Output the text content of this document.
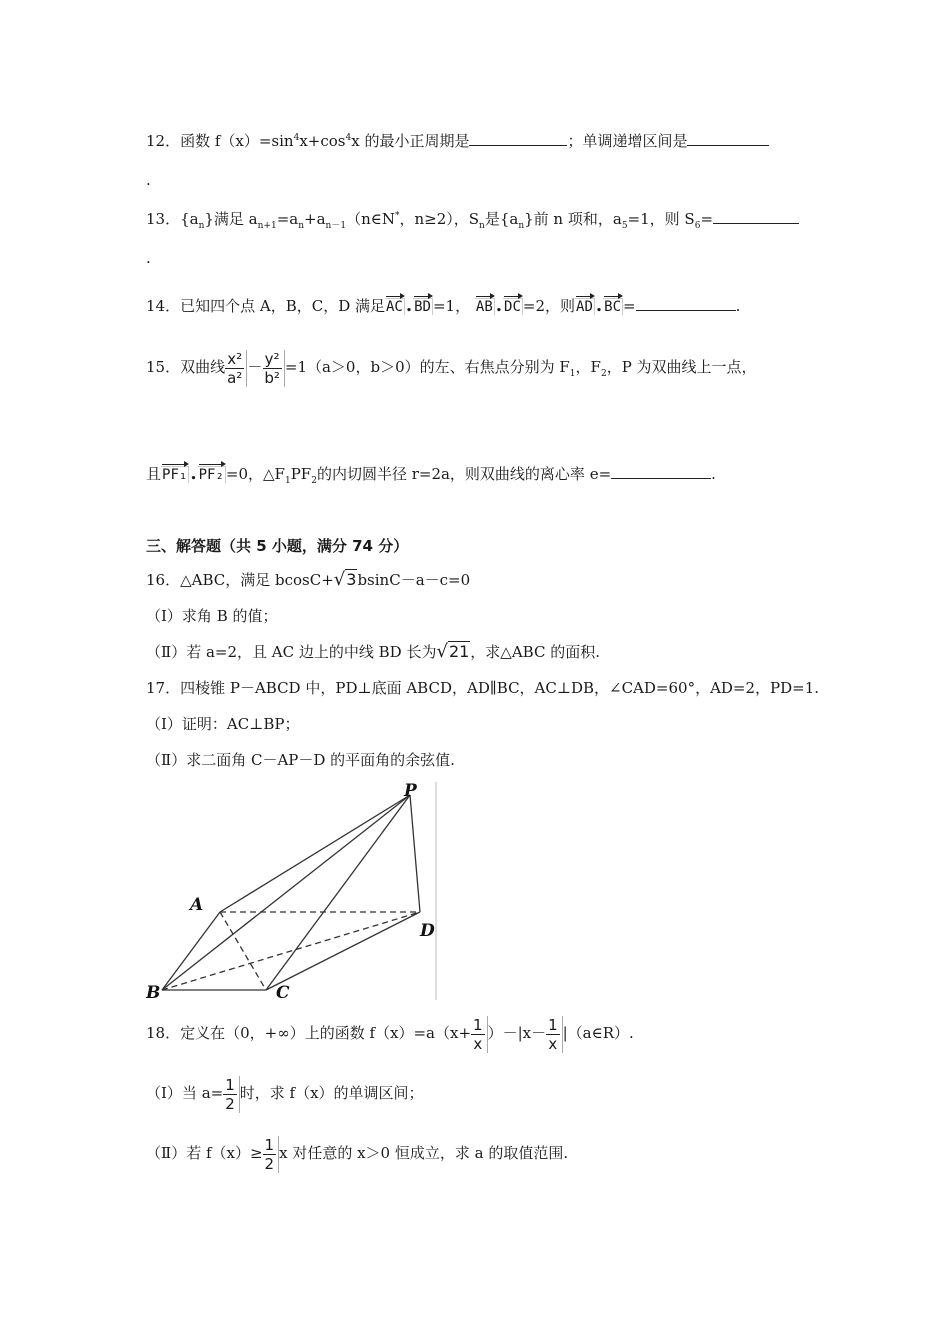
12．函数 $f(x)=\sin^4x+\cos^4x$ 的最小正周期是	；单调递增区间是
.
13．$\{a_n\}$满足 $a_{n+1}=a_n+a_{n-1}(n\in N^*$，n≥2），$S_n$是$\{a_n\}$前 n 项和，$a_5=1$，则 $S_6=$
.
14．已知四个点 A，B，C，D 满足AC . BD =1， AB . DC =2，则AD . BC =	.
15．双曲线 $\frac{\text{x²}}{\text{a²}} - \frac{\text{y²}}{\text{b²}} =1(a>0$，b＞0）的左、右焦点分别为 $F_1$，$F_2$，P 为双曲线上一点，
且PF₁ . PF₂ =0，$\triangle F_1PF_2$的内切圆半径 r=2a，则双曲线的离心率 e=	.
三、解答题（共 5 小题，满分 74 分）
16．△ABC，满足 bcosC+√3bsinC－a－c=0
（Ⅰ）求角 B 的值；
（Ⅱ）若 a=2，且 AC 边上的中线 BD 长为√21，求△ABC 的面积.
17．四棱锥 P－ABCD 中，PD⊥底面 ABCD，AD∥BC，AC⊥DB，∠CAD=60°，AD=2，PD=1.
（Ⅰ）证明：AC⊥BP；
（Ⅱ）求二面角 C－AP－D 的平面角的余弦值.
P
A
B	C
D
18．定义在（0，+∞）上的函数 $f(x)=a(x+ \frac{1}{x} )-|x- \frac{1}{x}$ |（a∈R）.
（Ⅰ）当 $a= \frac{1}{2}$ 时，求 f（x）的单调区间；
（Ⅱ）若 $f(x)\ge \frac{1}{2}$ x 对任意的 x＞0 恒成立，求 a 的取值范围.
